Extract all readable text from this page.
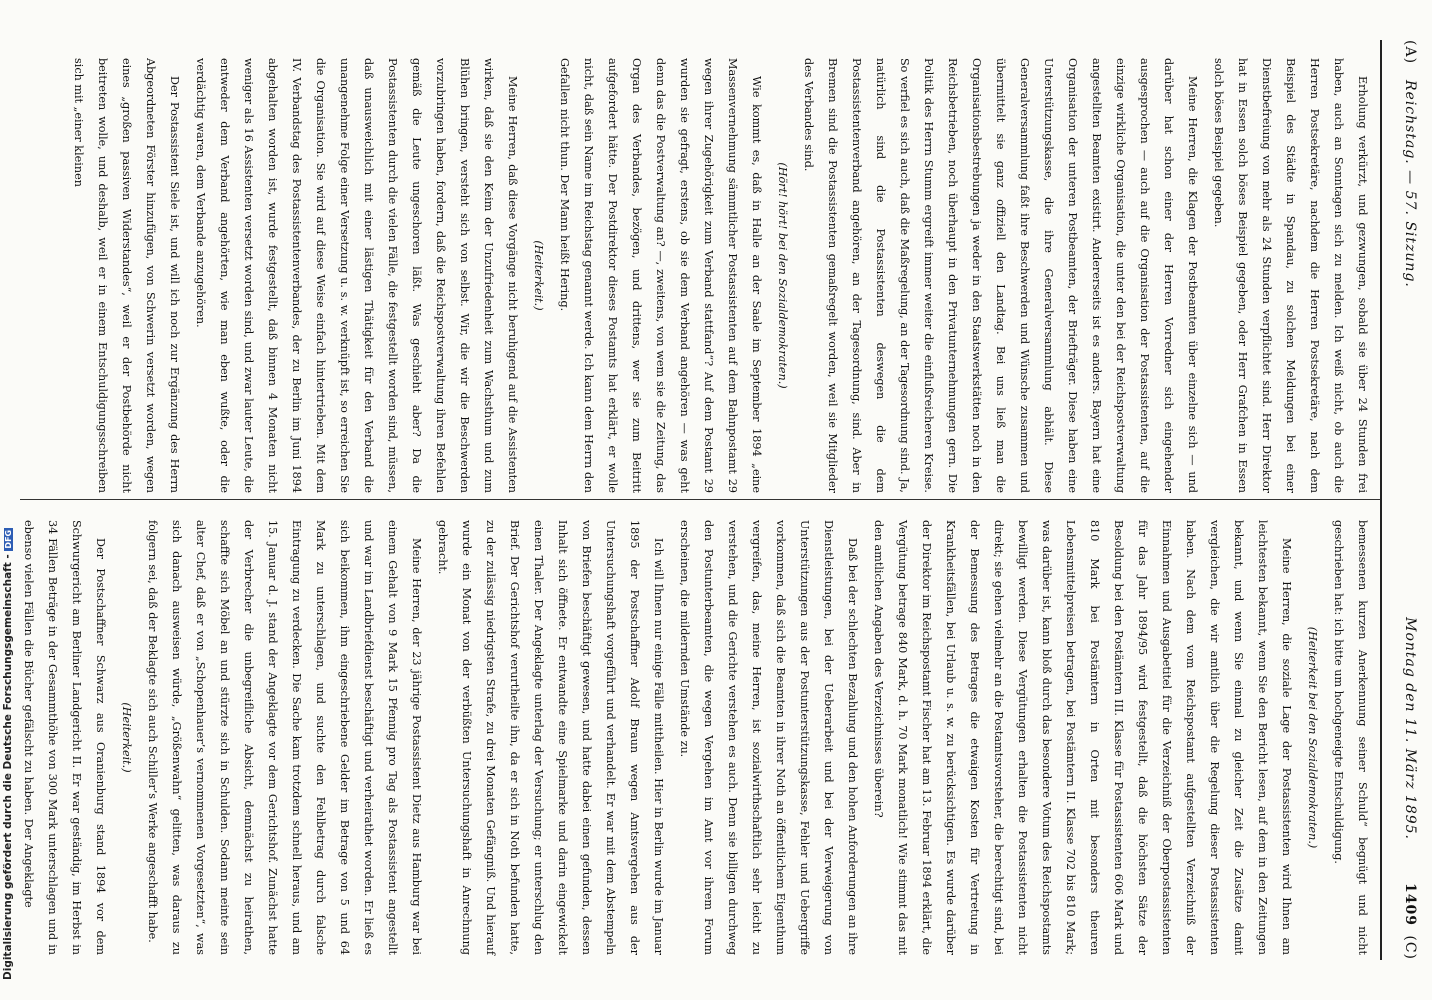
(A)
Reichstag. — 57. Sitzung.
Montag den 11. März 1895.
1409
(C)

Erholung verkürzt, und gezwungen, sobald sie über 24 Stunden frei haben, auch an Sonntagen sich zu melden. Ich weiß nicht, ob auch die Herren Postsekretäre, nachdem die Herren Postsekretäre, nach dem Beispiel des Städte in Spandau, zu solchen Meldungen bei einer Dienstbefreiung von mehr als 24 Stunden verpflichtet sind. Herr Direktor hat in Essen solch böses Beispiel gegeben, oder Herr Grafchen in Essen solch böses Beispiel gegeben.

Meine Herren, die Klagen der Postbeamten über einzelne sich — und darüber hat schon einer der Herren Vorredner sich eingehender ausgesprochen — auch auf die Organisation der Postassistenten, auf die einzige wirkliche Organisation, die unter den bei der Reichspostverwaltung angestellten Beamten existirt. Andererseits ist es anders. Bayern hat eine Organisation der unteren Postbeamten, der Briefträger. Diese haben eine Unterstützungskasse, die ihre Generalversammlung abhält. Diese Generalversammlung faßt ihre Beschwerden und Wünsche zusammen und übermittelt sie ganz offiziell den Landtag. Bei uns ließ man die Organisationsbestrebungen ja weder in den Staatswerkstätten noch in den Reichsbetrieben, noch überhaupt in den Privatunternehmungen gern. Die Politik des Herrn Stumm ergreift immer weiter die einflußreicheren Kreise. So verfiel es sich auch, daß die Maßregelung, an der Tagesordnung sind. Ja, natürlich sind die Postassistenten deswegen die dem Postassistentenverband angehören, an der Tagesordnung, sind. Aber in Bremen sind die Postassistenten gemaßregelt worden, weil sie Mitglieder des Verbandes sind.

(Hört! hört! bei den Sozialdemokraten.)

Wie kommt es, daß in Halle an der Saale im September 1894 „eine Massenvernehmung sämmtlicher Postassistenten auf dem Bahnpostamt 29 wegen ihrer Zugehörigkeit zum Verband stattfand“? Auf dem Postamt 29 wurden sie gefragt, erstens, ob sie dem Verband angehören — was geht denn das die Postverwaltung an? —, zweitens, von wem sie die Zeitung, das Organ des Verbandes, bezögen, und drittens, wer sie zum Beitritt aufgefordert hätte. Der Postdirektor dieses Postamts hat erklärt, er wolle nicht, daß sein Name im Reichstag genannt werde. Ich kann dem Herrn den Gefallen nicht thun. Der Mann heißt Hering.

(Heiterkeit.)

Meine Herren, daß diese Vorgänge nicht beruhigend auf die Assistenten wirken, daß sie den Keim der Unzufriedenheit zum Wachsthum und zum Blühen bringen, versteht sich von selbst. Wir, die wir die Beschwerden vorzubringen haben, fordern, daß die Reichspostverwaltung ihren Befehlen gemäß die Leute ungeschoren läßt. Was geschieht aber? Da die Postassistenten durch die vielen Fälle, die festgestellt worden sind, müssen, daß unausweichlich mit einer lästigen Thätigkeit für den Verband die unangenehme Folge einer Versetzung u. s. w. verknüpft ist, so erreichen Sie die Organisation. Sie wird auf diese Weise einfach hintertrieben. Mit dem IV. Verbandstag des Postassistentenverbandes, der zu Berlin im Juni 1894 abgehalten worden ist, wurde festgestellt, daß binnen 4 Monaten nicht weniger als 16 Assistenten versetzt worden sind, und zwar lauter Leute, die entweder dem Verband angehörten, wie man eben wußte, oder die verdächtig waren, dem Verbande anzugehören.

Der Postassistent Siele ist, und will ich noch zur Ergänzung des Herrn Abgeordneten Förster hinzufügen, von Schwerin versetzt worden, wegen eines „großen passiven Widerstandes“, weil er der Postbehörde nicht beitreten wolle, und deshalb, weil er in einem Entschuldigungsschreiben sich mit „einer kleinen

bemessenen kurzen Anerkennung seiner Schuld“ begnügt und nicht geschrieben hat: ich bitte um hochgeneigte Entschuldigung.

(Heiterkeit bei den Sozialdemokraten.)

Meine Herren, die soziale Lage der Postassistenten wird Ihnen am leichtesten bekannt, wenn Sie den Bericht lesen, auf dem in den Zeitungen bekannt, und wenn Sie einmal zu gleicher Zeit die Zusätze damit vergleichen, die wir amtlich über die Regelung dieser Postassistenten haben. Nach dem vom Reichspostamt aufgestellten Verzeichniß der Einnahmen und Ausgabetitel für die Verzeichniß der Oberpostassistenten für das Jahr 1894/95 wird festgestellt, daß die höchsten Sätze der Besoldung bei den Postämtern III. Klasse für Postassistenten 606 Mark und 810 Mark bei Postämtern in Orten mit besonders theuren Lebensmittelpreisen betragen, bei Postämtern II. Klasse 702 bis 810 Mark; was darüber ist, kann bloß durch das besondere Votum des Reichspostamts bewilligt werden. Diese Vergütungen erhalten die Postassistenten nicht direkt; sie gehen vielmehr an die Postamtsvorsteher, die berechtigt sind, bei der Bemessung des Betrages die etwaigen Kosten für Vertretung in Krankheitsfällen, bei Urlaub u. s. w. zu berücksichtigen. Es wurde darüber der Direktor im Reichspostamt Fischer hat am 13. Februar 1894 erklärt, die Vergütung betrage 840 Mark, d. h. 70 Mark monatlich! Wie stimmt das mit den amtlichen Angaben des Verzeichnisses überein?

Daß bei der schlechten Bezahlung und den hohen Anforderungen an ihre Dienstleistungen, bei der Ueberarbeit und bei der Verweigerung von Unterstützungen aus der Postunterstützungskasse, Fehler und Uebergriffe vorkommen, daß sich die Beamten in ihrer Noth an öffentlichem Eigenthum vergreifen, das, meine Herren, ist sozialwirthschaftlich sehr leicht zu verstehen, und die Gerichte verstehen es auch. Denn sie billigen durchweg den Postunterbeamten, die wegen Vergehen im Amt vor ihrem Forum erscheinen, die mildernden Umstände zu.

Ich will Ihnen nur einige Fälle mittheilen. Hier in Berlin wurde im Januar 1895 der Postschaffner Adolf Braun wegen Amtsvergehen aus der Untersuchungshaft vorgeführt und verhandelt. Er war mit dem Abstempeln von Briefen beschäftigt gewesen, und hatte dabei einen gefunden, dessen Inhalt sich öffnete. Er entwandte eine Spielmarke und darin eingewickelt einen Thaler. Der Angeklagte unterlag der Versuchung; er unterschlug den Brief. Der Gerichtshof verurtheilte ihn, da er sich in Noth befunden hatte, zu der zulässig niedrigsten Strafe, zu drei Monaten Gefängniß. Und hierauf wurde ein Monat von der verbüßten Untersuchungshaft in Anrechnung gebracht.

Meine Herren, der 23 jährige Postassistent Dietz aus Hamburg war bei einem Gehalt von 9 Mark 15 Pfennig pro Tag als Postassistent angestellt und war im Landbriefdienst beschäftigt und verheirathet worden. Er ließ es sich beikommen, ihm eingeschriebene Gelder im Betrage von 5 und 64 Mark zu unterschlagen, und suchte den Fehlbetrag durch falsche Eintragung zu verdecken. Die Sache kam trotzdem schnell heraus, und am 15. Januar d. J. stand der Angeklagte vor dem Gerichtshof. Zunächst hatte der Verbrecher die unbegreifliche Absicht, demnächst zu heirathen, schaffte sich Möbel an und stürzte sich in Schulden. Sodann meinte sein alter Chef, daß er von „Schopenhauer’s vernommenen Vorgesetzten“, was sich danach ausweisen würde, „Größenwahn“ gelitten, was daraus zu folgern sei, daß der Beklagte sich auch Schiller’s Werke angeschafft habe.

(Heiterkeit.)

Der Postschaffner Schwarz aus Oranienburg stand 1894 vor dem Schwurgericht am Berliner Landgericht II. Er war geständig, im Herbst in 34 Fällen Beträge in der Gesammthöhe von 300 Mark unterschlagen und in ebenso vielen Fällen die Bücher gefälscht zu haben. Der Angeklagte

Digitalisierung gefördert durch die Deutsche Forschungsgemeinschaft - DFG
